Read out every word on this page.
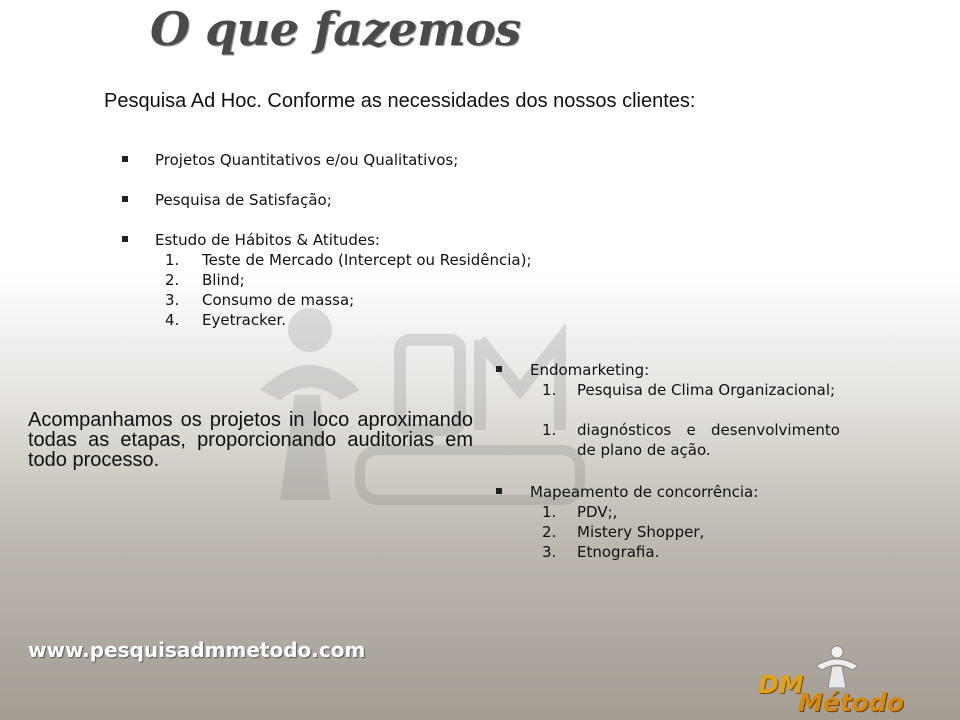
O que fazemos
Pesquisa Ad Hoc. Conforme as necessidades dos nossos clientes:
Projetos Quantitativos e/ou Qualitativos;
Pesquisa de Satisfação;
Estudo de Hábitos & Atitudes:
1.	Teste de Mercado (Intercept ou Residência);
2.	Blind;
3.	Consumo de massa;
4.	Eyetracker.
Acompanhamos os projetos in loco aproximando todas as etapas, proporcionando auditorias em todo processo.
Endomarketing:
1.	Pesquisa de Clima Organizacional;
1.	diagnósticos e desenvolvimento de plano de ação.
Mapeamento de concorrência:
1.	PDV;,
2.	Mistery Shopper,
3.	Etnografia.
www.pesquisadmmetodo.com
DM
Método
